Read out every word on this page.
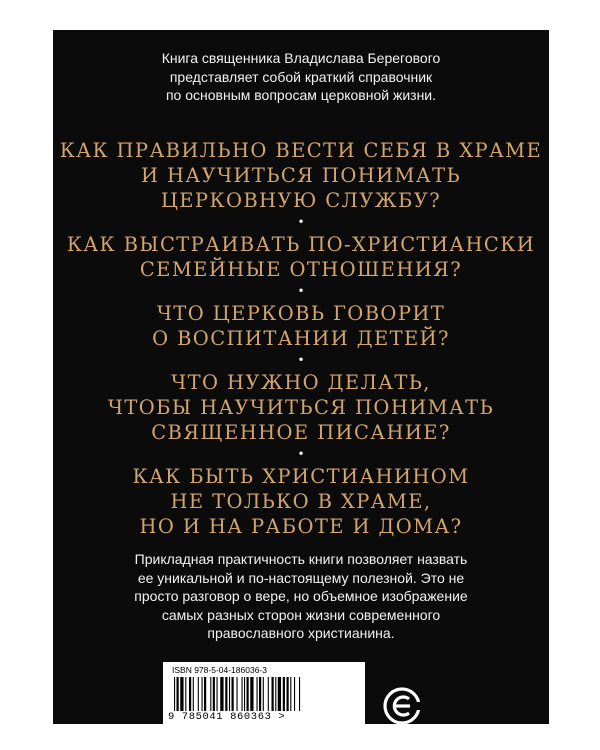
Книга священника Владислава Берегового
представляет собой краткий справочник
по основным вопросам церковной жизни.
КАК ПРАВИЛЬНО ВЕСТИ СЕБЯ В ХРАМЕ
И НАУЧИТЬСЯ ПОНИМАТЬ
ЦЕРКОВНУЮ СЛУЖБУ?
•
КАК ВЫСТРАИВАТЬ ПО-ХРИСТИАНСКИ
СЕМЕЙНЫЕ ОТНОШЕНИЯ?
•
ЧТО ЦЕРКОВЬ ГОВОРИТ
О ВОСПИТАНИИ ДЕТЕЙ?
•
ЧТО НУЖНО ДЕЛАТЬ,
ЧТОБЫ НАУЧИТЬСЯ ПОНИМАТЬ
СВЯЩЕННОЕ ПИСАНИЕ?
•
КАК БЫТЬ ХРИСТИАНИНОМ
НЕ ТОЛЬКО В ХРАМЕ,
НО И НА РАБОТЕ И ДОМА?
Прикладная практичность книги позволяет назвать
ее уникальной и по-настоящему полезной. Это не
просто разговор о вере, но объемное изображение
самых разных сторон жизни современного
православного христианина.
ISBN 978-5-04-186036-3
9 785041 860363 >
